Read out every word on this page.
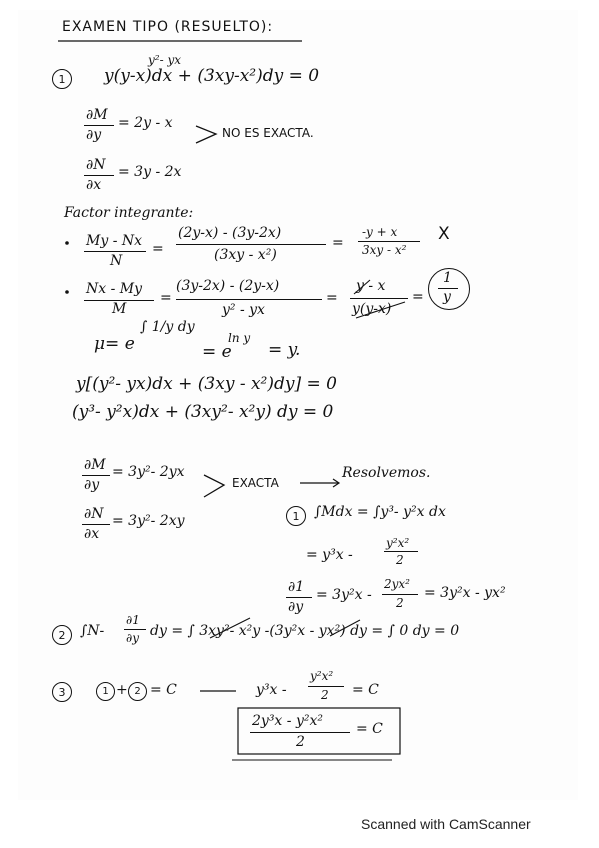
EXAMEN TIPO (RESUELTO):
1
y²- yx
y(y-x)dx + (3xy-x²)dy = 0
∂M
∂y
= 2y - x
NO ES EXACTA.
∂N
∂x
= 3y - 2x
Factor integrante:
My - Nx
N
=
(2y-x) - (3y-2x)
(3xy - x²)
=
-y + x
3xy - x²
X
Nx - My
M
=
(3y-2x) - (2y-x)
y² - yx
=
y - x
y(y-x)
=
1
y
μ= e
∫ 1/y dy
= e
ln y
= y.
y[(y²- yx)dx + (3xy - x²)dy] = 0
(y³- y²x)dx + (3xy²- x²y) dy = 0
∂M
∂y
= 3y²- 2yx
EXACTA
Resolvemos.
∂N
∂x
= 3y²- 2xy	1	∫Mdx = ∫y³- y²x dx
= y³x -
y²x²
2
∂1
∂y
= 3y²x -
2yx²
2
= 3y²x - yx²
2	∫N-
∂1
∂y dy = ∫ 3xy²- x²y -(3y²x - yx²) dy = ∫ 0 dy = 0
3	1 + 2 = C	y³x -
y²x²
2 = C
2y³x - y²x²
2
= C
Scanned with CamScanner
